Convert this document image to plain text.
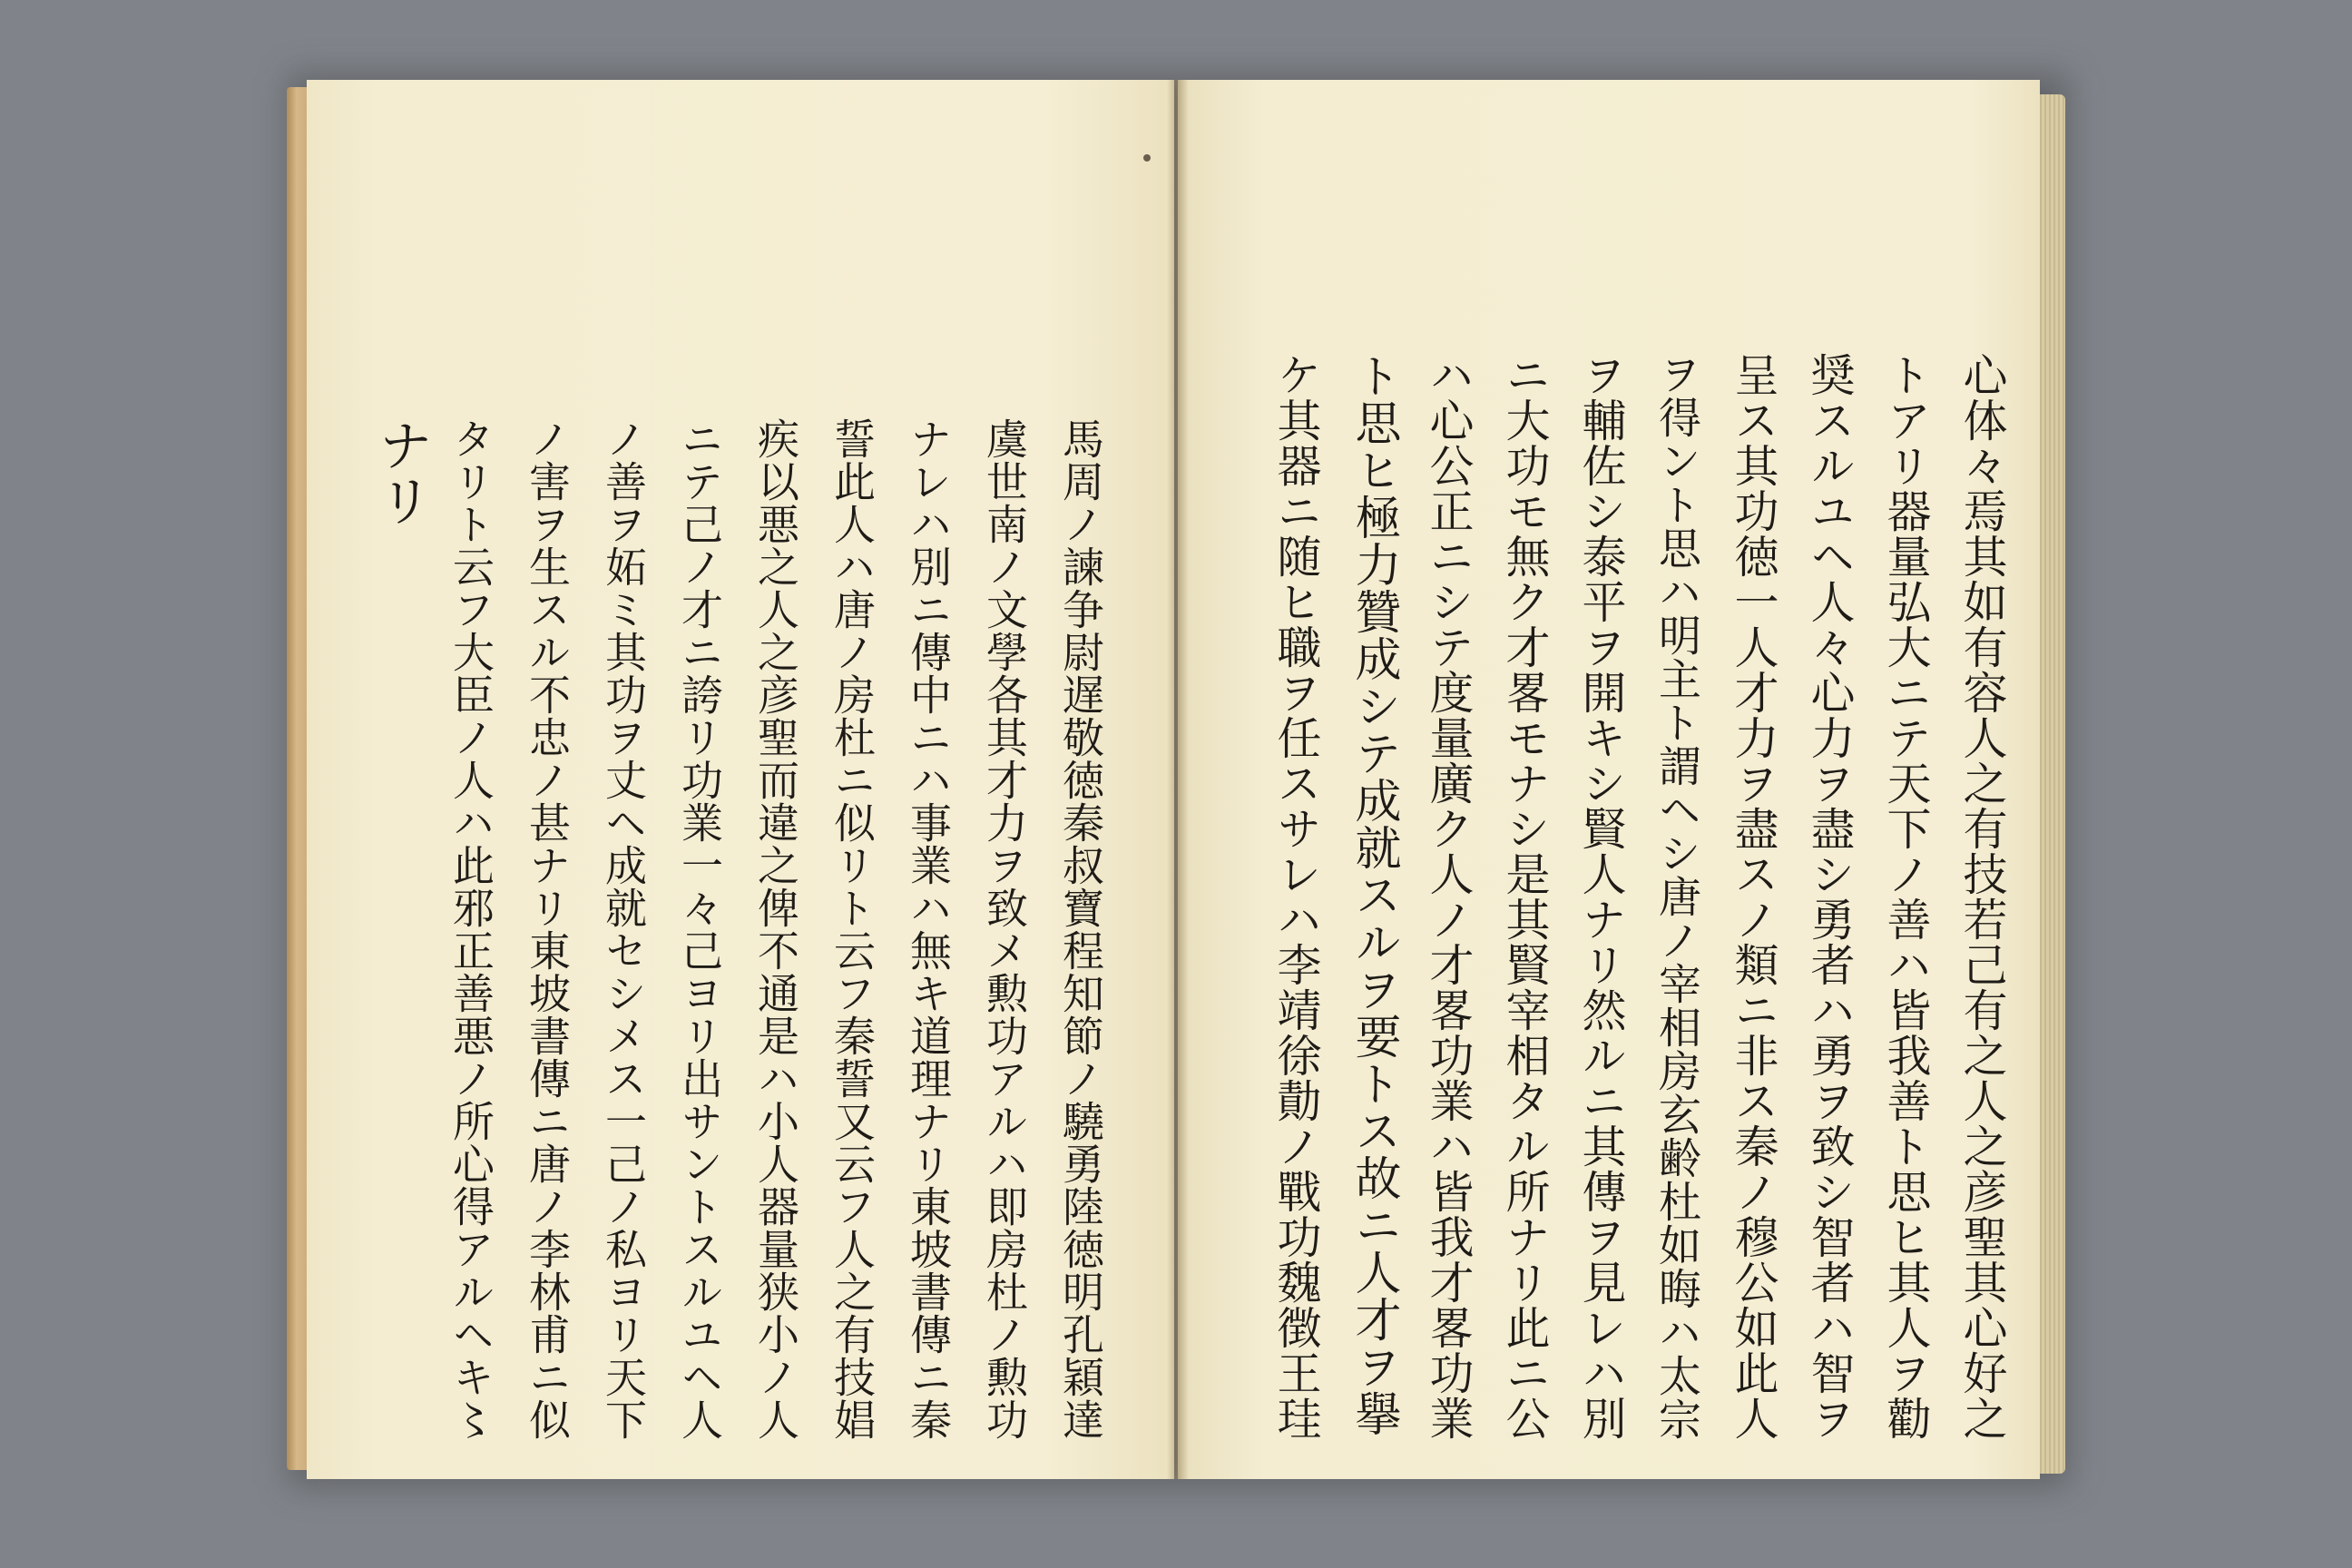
心体々焉其如有容人之有技若己有之人之彦聖其心好之
トアリ器量弘大ニテ天下ノ善ハ皆我善ト思ヒ其人ヲ勸
奨スルユヘ人々心力ヲ盡シ勇者ハ勇ヲ致シ智者ハ智ヲ
呈ス其功徳一人才力ヲ盡スノ類ニ非ス秦ノ穆公如此人
ヲ得ント思ハ明主ト謂ヘシ唐ノ宰相房玄齢杜如晦ハ太宗
ヲ輔佐シ泰平ヲ開キシ賢人ナリ然ルニ其傳ヲ見レハ別
ニ大功モ無ク才畧モナシ是其賢宰相タル所ナリ此ニ公
ハ心公正ニシテ度量廣ク人ノ才畧功業ハ皆我才畧功業
ト思ヒ極力贊成シテ成就スルヲ要トス故ニ人才ヲ擧
ケ其器ニ随ヒ職ヲ任スサレハ李靖徐勣ノ戰功魏徴王珪
馬周ノ諫争尉遅敬徳秦叔寶程知節ノ驍勇陸徳明孔穎達
虞世南ノ文學各其才力ヲ致メ勲功アルハ即房杜ノ勲功
ナレハ別ニ傳中ニハ事業ハ無キ道理ナリ東坡書傳ニ秦
誓此人ハ唐ノ房杜ニ似リト云フ秦誓又云フ人之有技娼
疾以悪之人之彦聖而違之俾不通是ハ小人器量狭小ノ人
ニテ己ノ才ニ誇リ功業一々己ヨリ出サントスルユヘ人
ノ善ヲ妬ミ其功ヲ丈ヘ成就セシメス一己ノ私ヨリ天下
ノ害ヲ生スル不忠ノ甚ナリ東坡書傳ニ唐ノ李林甫ニ似
タリト云フ大臣ノ人ハ此邪正善悪ノ所心得アルヘキ〻
ナリ
